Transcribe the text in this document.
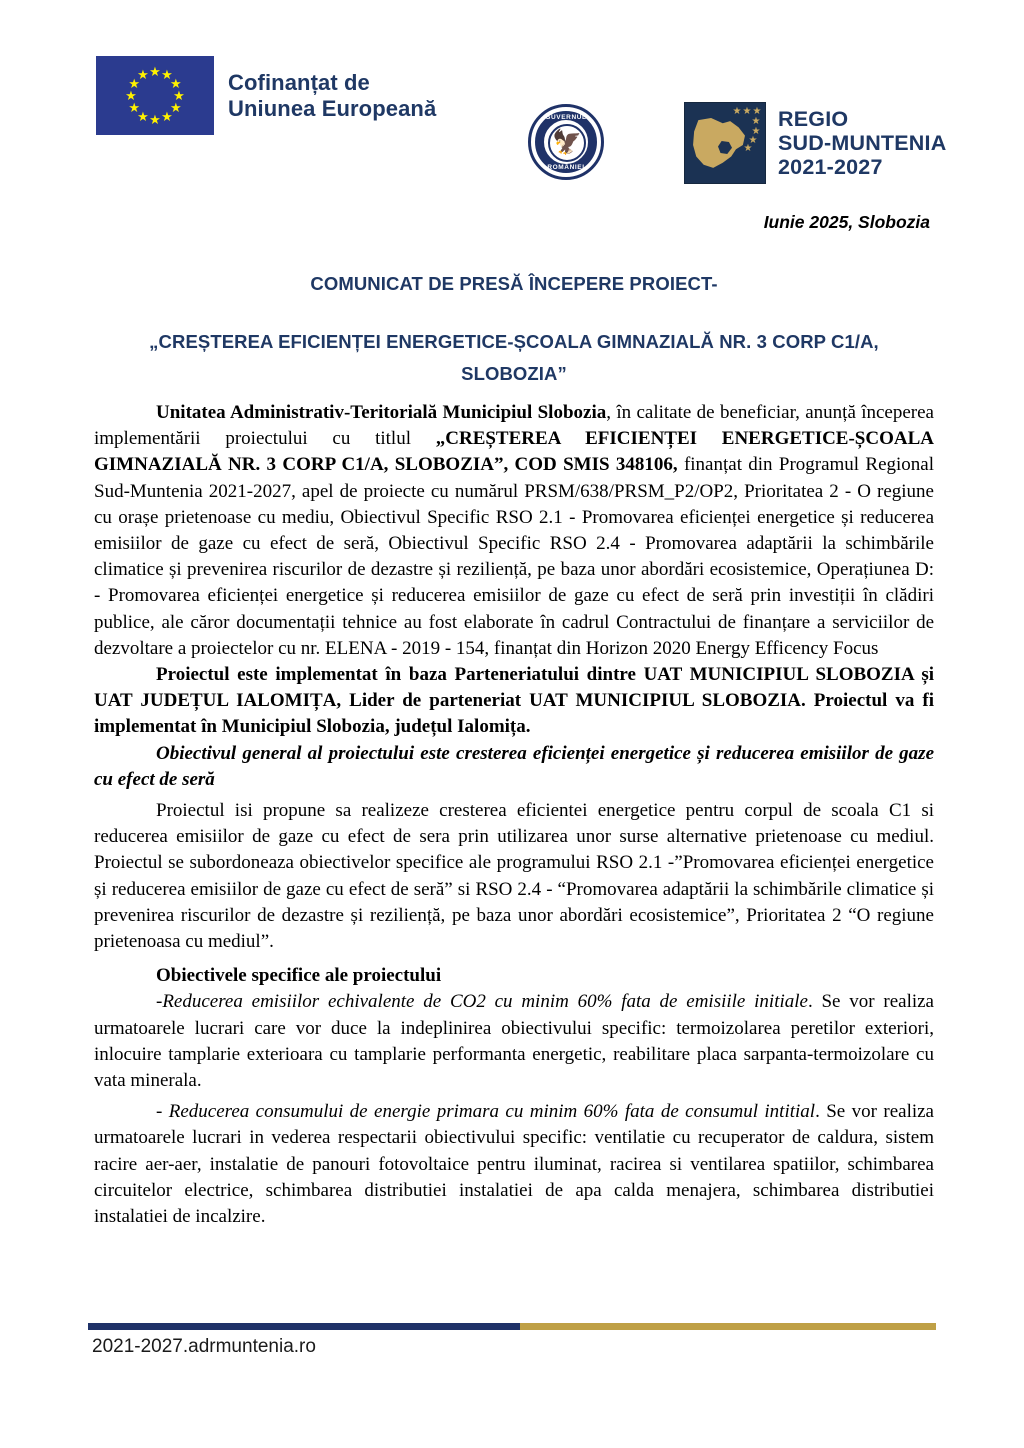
★ ★
★
★
★
★
★
★
★
★
★
★	Cofinanțat de
Uniunea Europeană	GUVERNUL
ROMÂNIEI
🦅
★ ★ ★
★
★
★
★
REGIO
SUD-MUNTENIA
2021-2027
Iunie 2025, Slobozia
COMUNICAT DE PRESĂ ÎNCEPERE PROIECT-
„CREȘTEREA EFICIENȚEI ENERGETICE-ȘCOALA GIMNAZIALĂ NR. 3 CORP C1/A, SLOBOZIA”

Unitatea Administrativ-Teritorială Municipiul Slobozia, în calitate de beneficiar, anunță începerea implementării proiectului cu titlul „CREȘTEREA EFICIENȚEI ENERGETICE-ȘCOALA GIMNAZIALĂ NR. 3 CORP C1/A, SLOBOZIA”, COD SMIS 348106, finanțat din Programul Regional Sud-Muntenia 2021-2027, apel de proiecte cu numărul PRSM/638/PRSM_P2/OP2, Prioritatea 2 - O regiune cu orașe prietenoase cu mediu, Obiectivul Specific RSO 2.1 - Promovarea eficienței energetice și reducerea emisiilor de gaze cu efect de seră, Obiectivul Specific RSO 2.4 - Promovarea adaptării la schimbările climatice și prevenirea riscurilor de dezastre și reziliență, pe baza unor abordări ecosistemice, Operațiunea D: - Promovarea eficienței energetice și reducerea emisiilor de gaze cu efect de seră prin investiții în clădiri publice, ale căror documentații tehnice au fost elaborate în cadrul Contractului de finanțare a serviciilor de dezvoltare a proiectelor cu nr. ELENA - 2019 - 154, finanțat din Horizon 2020 Energy Efficency Focus

Proiectul este implementat în baza Parteneriatului dintre UAT MUNICIPIUL SLOBOZIA și UAT JUDEȚUL IALOMIȚA, Lider de parteneriat UAT MUNICIPIUL SLOBOZIA. Proiectul va fi implementat în Municipiul Slobozia, județul Ialomița.

Obiectivul general al proiectului este cresterea eficienței energetice și reducerea emisiilor de gaze cu efect de seră

Proiectul isi propune sa realizeze cresterea eficientei energetice pentru corpul de scoala C1 si reducerea emisiilor de gaze cu efect de sera prin utilizarea unor surse alternative prietenoase cu mediul. Proiectul se subordoneaza obiectivelor specifice ale programului RSO 2.1 -”Promovarea eficienței energetice și reducerea emisiilor de gaze cu efect de seră” si RSO 2.4 - “Promovarea adaptării la schimbările climatice și prevenirea riscurilor de dezastre și reziliență, pe baza unor abordări ecosistemice”, Prioritatea 2 “O regiune prietenoasa cu mediul”.

Obiectivele specifice ale proiectului

-Reducerea emisiilor echivalente de CO2 cu minim 60% fata de emisiile initiale. Se vor realiza urmatoarele lucrari care vor duce la indeplinirea obiectivului specific: termoizolarea peretilor exteriori, inlocuire tamplarie exterioara cu tamplarie performanta energetic, reabilitare placa sarpanta-termoizolare cu vata minerala.

- Reducerea consumului de energie primara cu minim 60% fata de consumul intitial. Se vor realiza urmatoarele lucrari in vederea respectarii obiectivului specific: ventilatie cu recuperator de caldura, sistem racire aer-aer, instalatie de panouri fotovoltaice pentru iluminat, racirea si ventilarea spatiilor, schimbarea circuitelor electrice, schimbarea distributiei instalatiei de apa calda menajera, schimbarea distributiei instalatiei de incalzire.

2021-2027.adrmuntenia.ro
